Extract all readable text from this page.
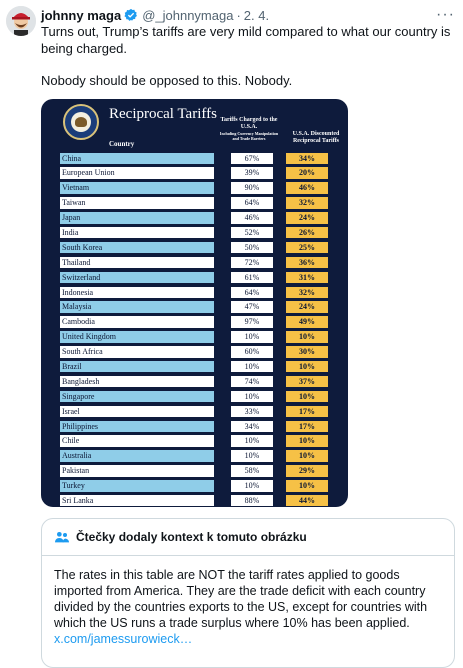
johnny maga @_johnnymaga · 2. 4.	···

Turns out, Trump’s tariffs are very mild compared to what our country is being charged.

Nobody should be opposed to this. Nobody.

Reciprocal Tariffs
Country
Tariffs Charged to the U.S.A.
Including Currency Manipulation and Trade Barriers
U.S.A. Discounted Reciprocal Tariffs
China	67%	34%
European Union	39%	20%
Vietnam	90%	46%
Taiwan	64%	32%
Japan	46%	24%
India	52%	26%
South Korea	50%	25%
Thailand	72%	36%
Switzerland	61%	31%
Indonesia	64%	32%
Malaysia	47%	24%
Cambodia	97%	49%
United Kingdom	10%	10%
South Africa	60%	30%
Brazil	10%	10%
Bangladesh	74%	37%
Singapore	10%	10%
Israel	33%	17%
Philippines	34%	17%
Chile	10%	10%
Australia	10%	10%
Pakistan	58%	29%
Turkey	10%	10%
Sri Lanka	88%	44%
Čtečky dodaly kontext k tomuto obrázku
The rates in this table are NOT the tariff rates applied to goods imported from America. They are the trade deficit with each country divided by the countries exports to the US, except for countries with which the US runs a trade surplus where 10% has been applied.
x.com/jamessurowieck…
